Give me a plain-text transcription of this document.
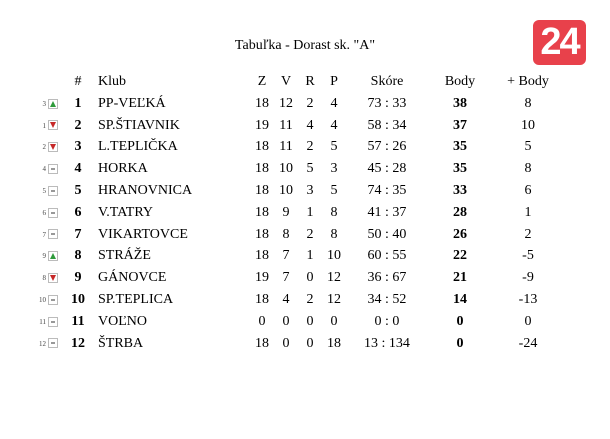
24
Tabuľka - Dorast sk. "A"
		#	Klub	Z	V	R	P	Skóre	Body	+ Body
3		1	PP-VEĽKÁ	18	12	2	4	73 : 33	38	8
1		2	SP.ŠTIAVNIK	19	11	4	4	58 : 34	37	10
2		3	L.TEPLIČKA	18	11	2	5	57 : 26	35	5
4		4	HORKA	18	10	5	3	45 : 28	35	8
5		5	HRANOVNICA	18	10	3	5	74 : 35	33	6
6		6	V.TATRY	18	9	1	8	41 : 37	28	1
7		7	VIKARTOVCE	18	8	2	8	50 : 40	26	2
9		8	STRÁŽE	18	7	1	10	60 : 55	22	-5
8		9	GÁNOVCE	19	7	0	12	36 : 67	21	-9
10		10	SP.TEPLICA	18	4	2	12	34 : 52	14	-13
11		11	VOĽNO	0	0	0	0	0 : 0	0	0
12		12	ŠTRBA	18	0	0	18	13 : 134	0	-24
